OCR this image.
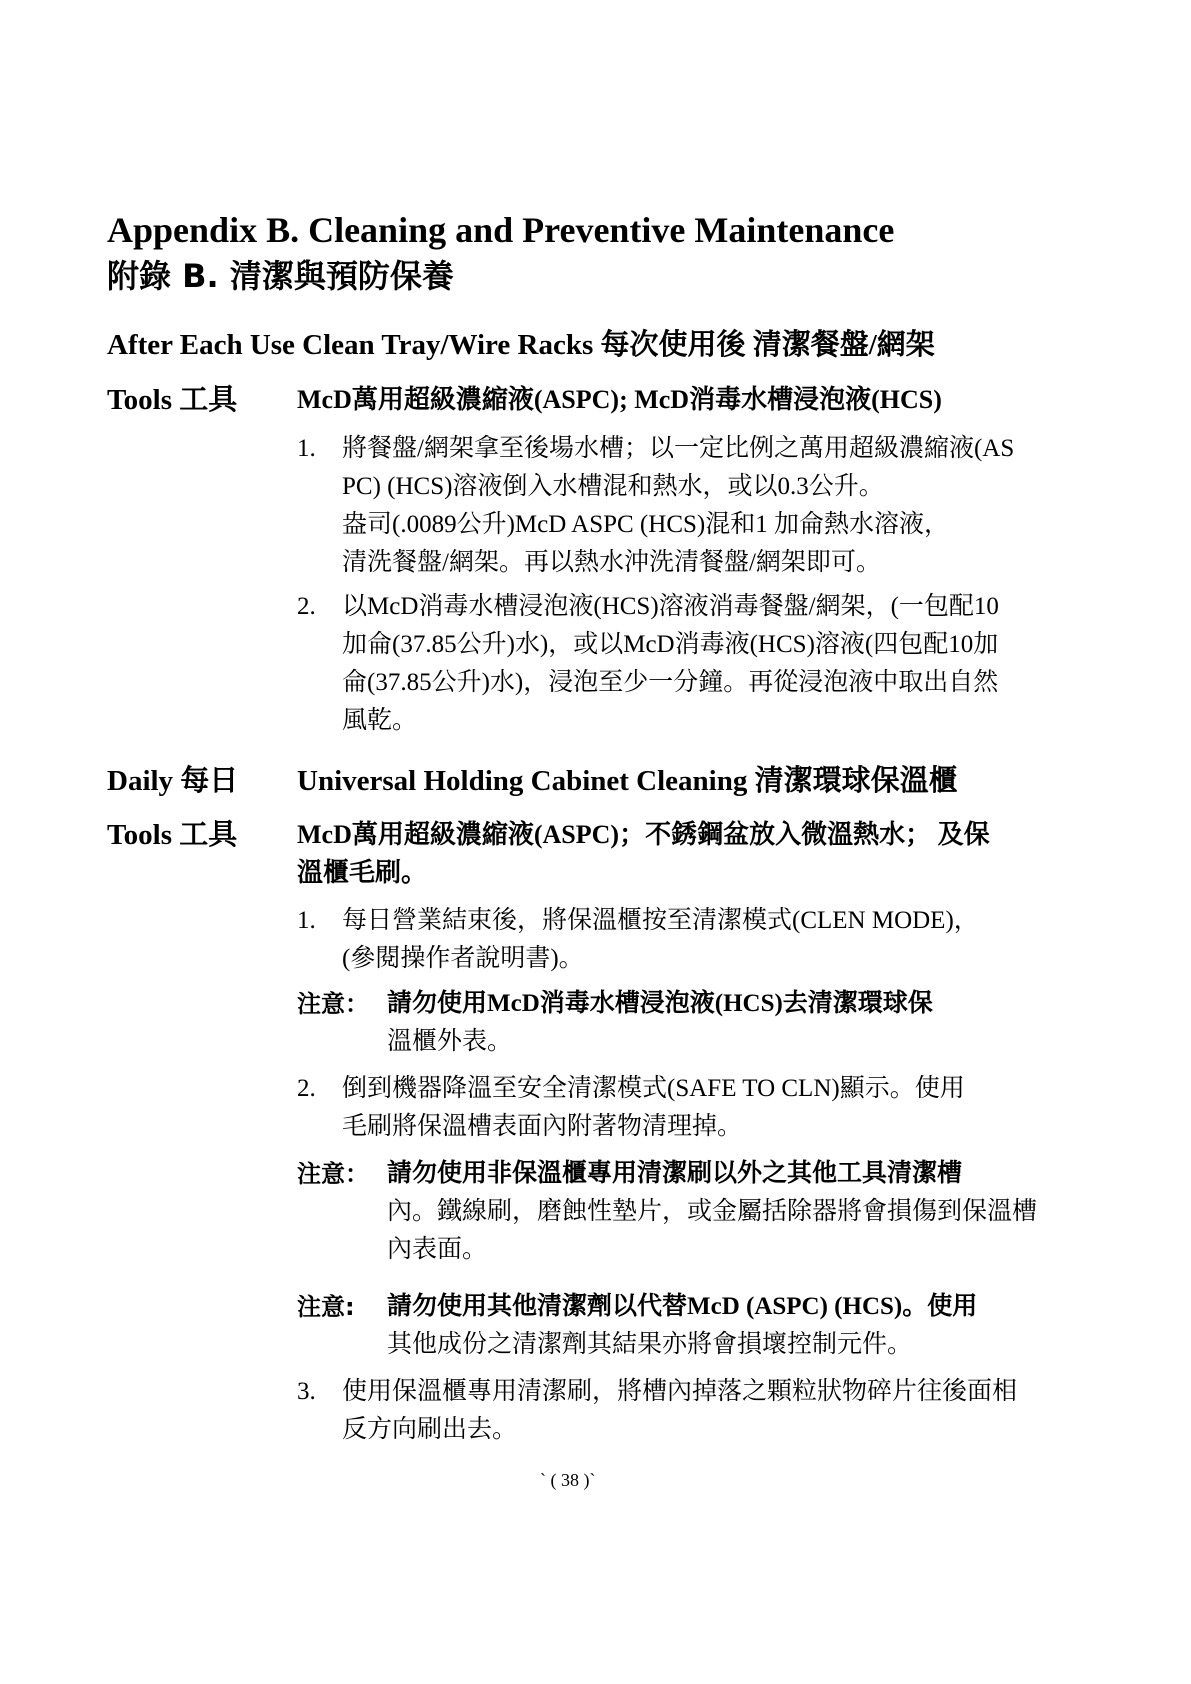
Appendix B. Cleaning and Preventive Maintenance
附錄 B. 清潔與預防保養
After Each Use Clean Tray/Wire Racks 每次使用後 清潔餐盤/網架
Tools 工具 McD萬用超級濃縮液(ASPC); McD消毒水槽浸泡液(HCS)
1. 將餐盤/網架拿至後場水槽；以一定比例之萬用超級濃縮液(AS
PC) (HCS)溶液倒入水槽混和熱水，或以0.3公升。
盎司(.0089公升)McD ASPC (HCS)混和1 加侖熱水溶液，
清洗餐盤/網架。再以熱水沖洗清餐盤/網架即可。
2. 以McD消毒水槽浸泡液(HCS)溶液消毒餐盤/網架，(一包配10
加侖(37.85公升)水)，或以McD消毒液(HCS)溶液(四包配10加
侖(37.85公升)水)，浸泡至少一分鐘。再從浸泡液中取出自然
風乾。
Daily 每日 Universal Holding Cabinet Cleaning 清潔環球保溫櫃
Tools 工具 McD萬用超級濃縮液(ASPC)；不銹鋼盆放入微溫熱水； 及保
溫櫃毛刷。
1. 每日營業結束後，將保溫櫃按至清潔模式(CLEN MODE)，
(參閱操作者說明書)。
注意： 請勿使用McD消毒水槽浸泡液(HCS)去清潔環球保
溫櫃外表。
2. 倒到機器降溫至安全清潔模式(SAFE TO CLN)顯示。使用
毛刷將保溫槽表面內附著物清理掉。
注意： 請勿使用非保溫櫃專用清潔刷以外之其他工具清潔槽
內。鐵線刷，磨蝕性墊片，或金屬括除器將會損傷到保溫槽
內表面。
注意: 請勿使用其他清潔劑以代替McD (ASPC) (HCS)。使用
其他成份之清潔劑其結果亦將會損壞控制元件。
3. 使用保溫櫃專用清潔刷，將槽內掉落之顆粒狀物碎片往後面相
反方向刷出去。
` ( 38 )`
